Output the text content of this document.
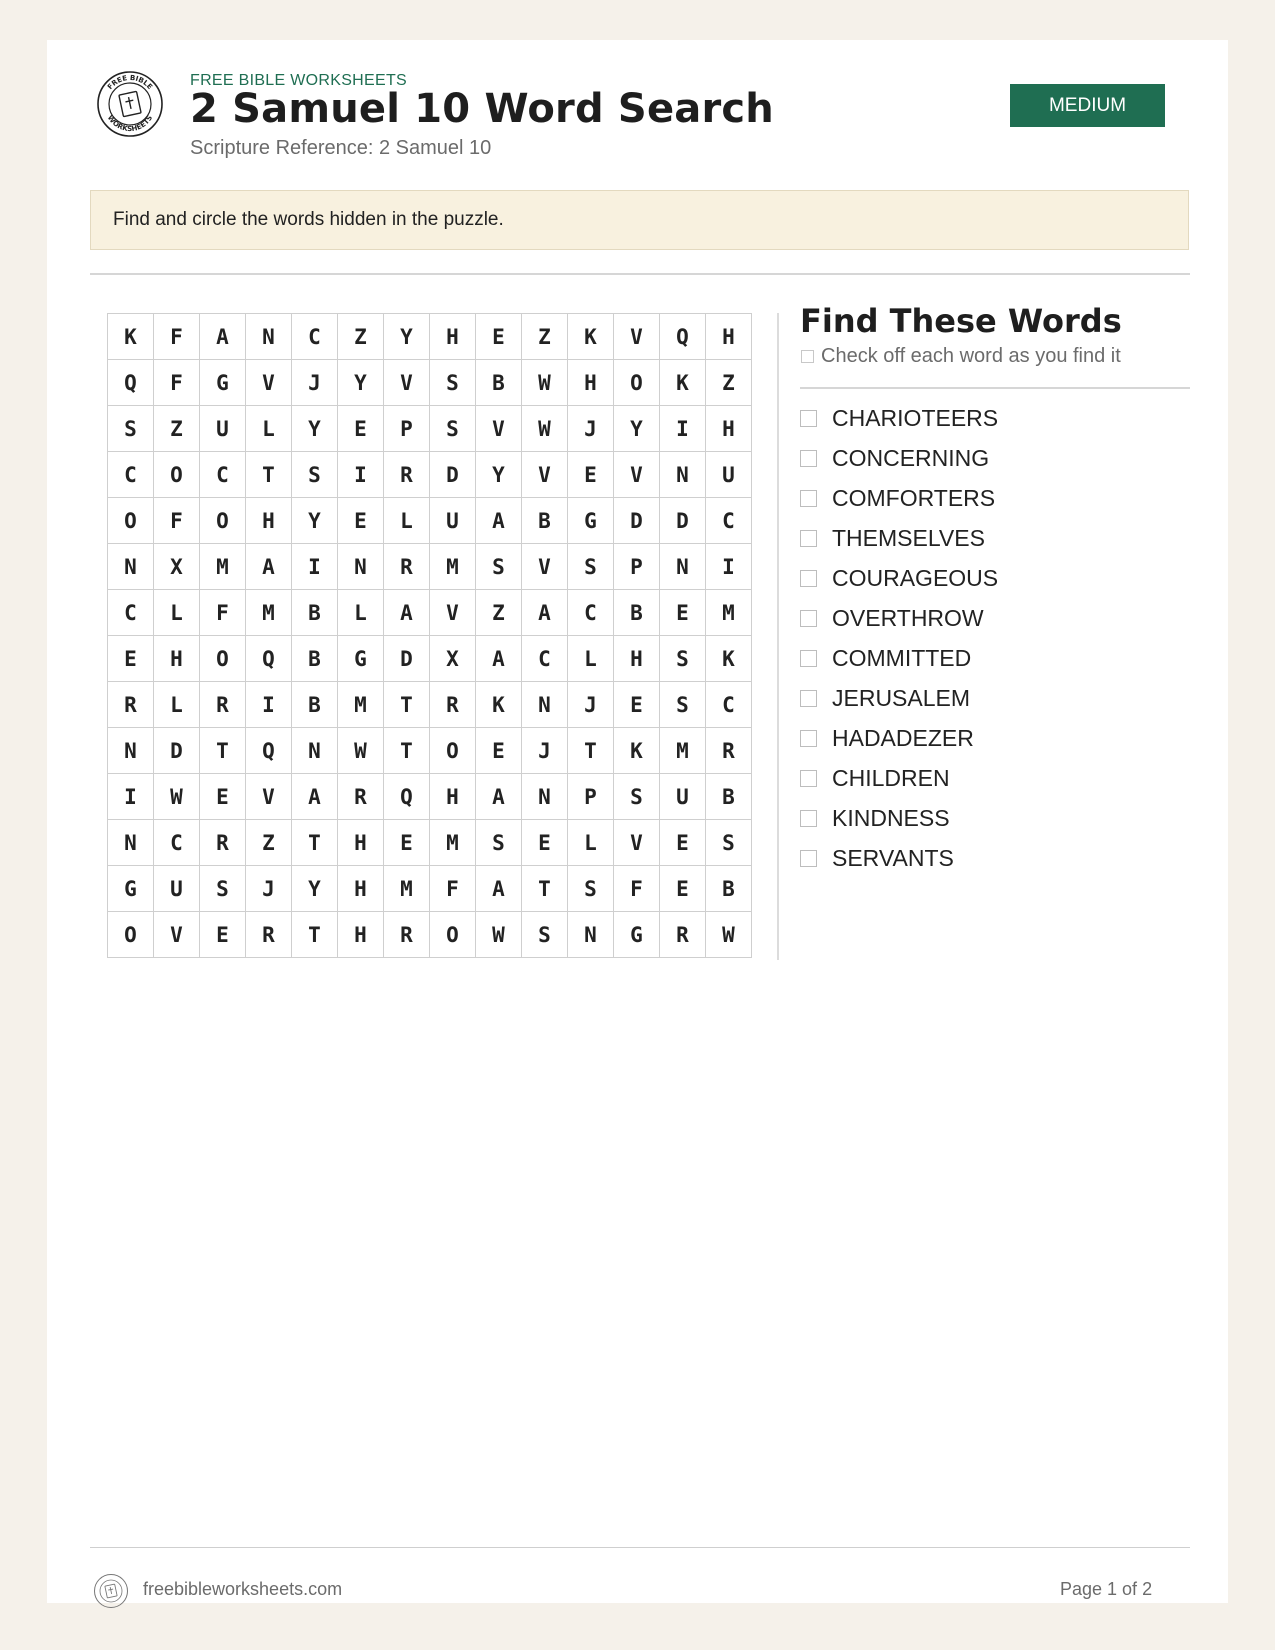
FREE BIBLE
WORKSHEETS
FREE BIBLE WORKSHEETS
2 Samuel 10 Word Search
Scripture Reference: 2 Samuel 10
MEDIUM
Find and circle the words hidden in the puzzle.
K	F	A	N	C	Z	Y	H	E	Z	K	V	Q	H
Q	F	G	V	J	Y	V	S	B	W	H	O	K	Z
S	Z	U	L	Y	E	P	S	V	W	J	Y	I	H
C	O	C	T	S	I	R	D	Y	V	E	V	N	U
O	F	O	H	Y	E	L	U	A	B	G	D	D	C
N	X	M	A	I	N	R	M	S	V	S	P	N	I
C	L	F	M	B	L	A	V	Z	A	C	B	E	M
E	H	O	Q	B	G	D	X	A	C	L	H	S	K
R	L	R	I	B	M	T	R	K	N	J	E	S	C
N	D	T	Q	N	W	T	O	E	J	T	K	M	R
I	W	E	V	A	R	Q	H	A	N	P	S	U	B
N	C	R	Z	T	H	E	M	S	E	L	V	E	S
G	U	S	J	Y	H	M	F	A	T	S	F	E	B
O	V	E	R	T	H	R	O	W	S	N	G	R	W
Find These Words
Check off each word as you find it
CHARIOTEERS
CONCERNING
COMFORTERS
THEMSELVES
COURAGEOUS
OVERTHROW
COMMITTED
JERUSALEM
HADADEZER
CHILDREN
KINDNESS
SERVANTS
freebibleworksheets.com	Page 1 of 2
